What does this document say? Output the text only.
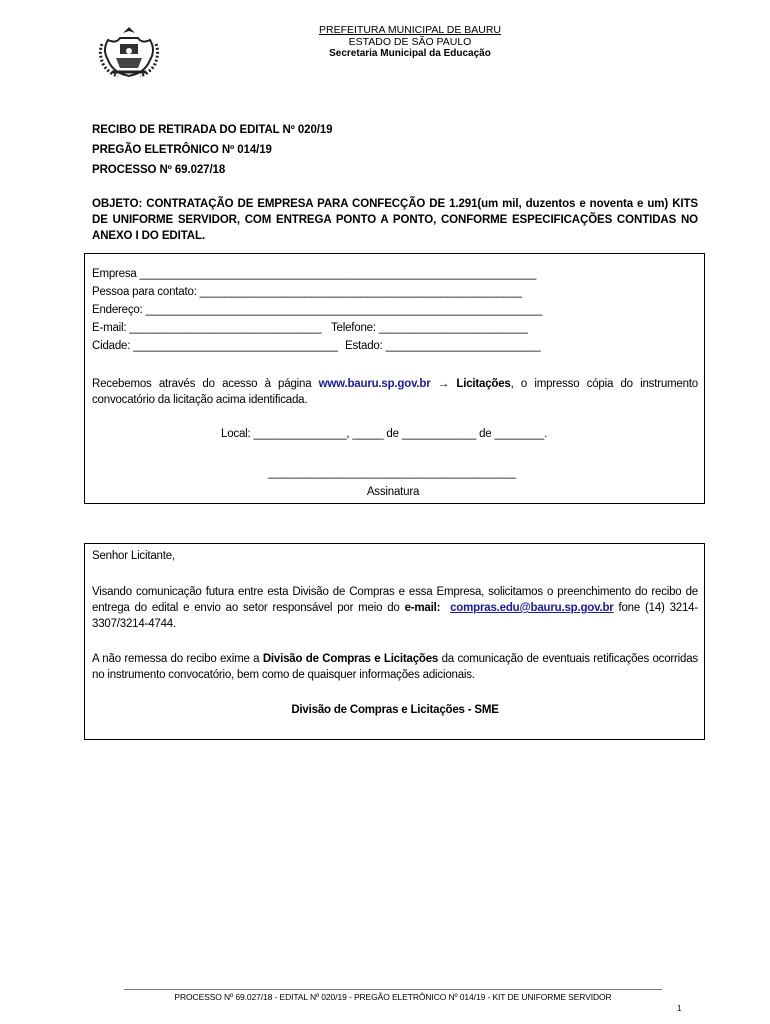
PREFEITURA MUNICIPAL DE BAURU
ESTADO DE SÃO PAULO
Secretaria Municipal da Educação
RECIBO DE RETIRADA DO EDITAL Nº 020/19
PREGÃO ELETRÔNICO Nº 014/19
PROCESSO Nº 69.027/18
OBJETO: CONTRATAÇÃO DE EMPRESA PARA CONFECÇÃO DE 1.291(um mil, duzentos e noventa e um) KITS DE UNIFORME SERVIDOR, COM ENTREGA PONTO A PONTO, CONFORME ESPECIFICAÇÕES CONTIDAS NO ANEXO I DO EDITAL.
Empresa ________________________________________________________________
Pessoa para contato: ____________________________________________________
Endereço: ________________________________________________________________
E-mail: _______________________________ Telefone: ________________________
Cidade: _________________________________ Estado: _________________________
Recebemos através do acesso à página www.bauru.sp.gov.br → Licitações, o impresso cópia do instrumento convocatório da licitação acima identificada.
Local: _______________, _____ de ____________ de ________.
________________________________________
Assinatura
Senhor Licitante,
Visando comunicação futura entre esta Divisão de Compras e essa Empresa, solicitamos o preenchimento do recibo de entrega do edital e envio ao setor responsável por meio do e-mail: compras.edu@bauru.sp.gov.br fone (14) 3214-3307/3214-4744.
A não remessa do recibo exime a Divisão de Compras e Licitações da comunicação de eventuais retificações ocorridas no instrumento convocatório, bem como de quaisquer informações adicionais.
Divisão de Compras e Licitações - SME
PROCESSO Nº 69.027/18 - EDITAL Nº 020/19 - PREGÃO ELETRÔNICO Nº 014/19 - KIT DE UNIFORME SERVIDOR
1
